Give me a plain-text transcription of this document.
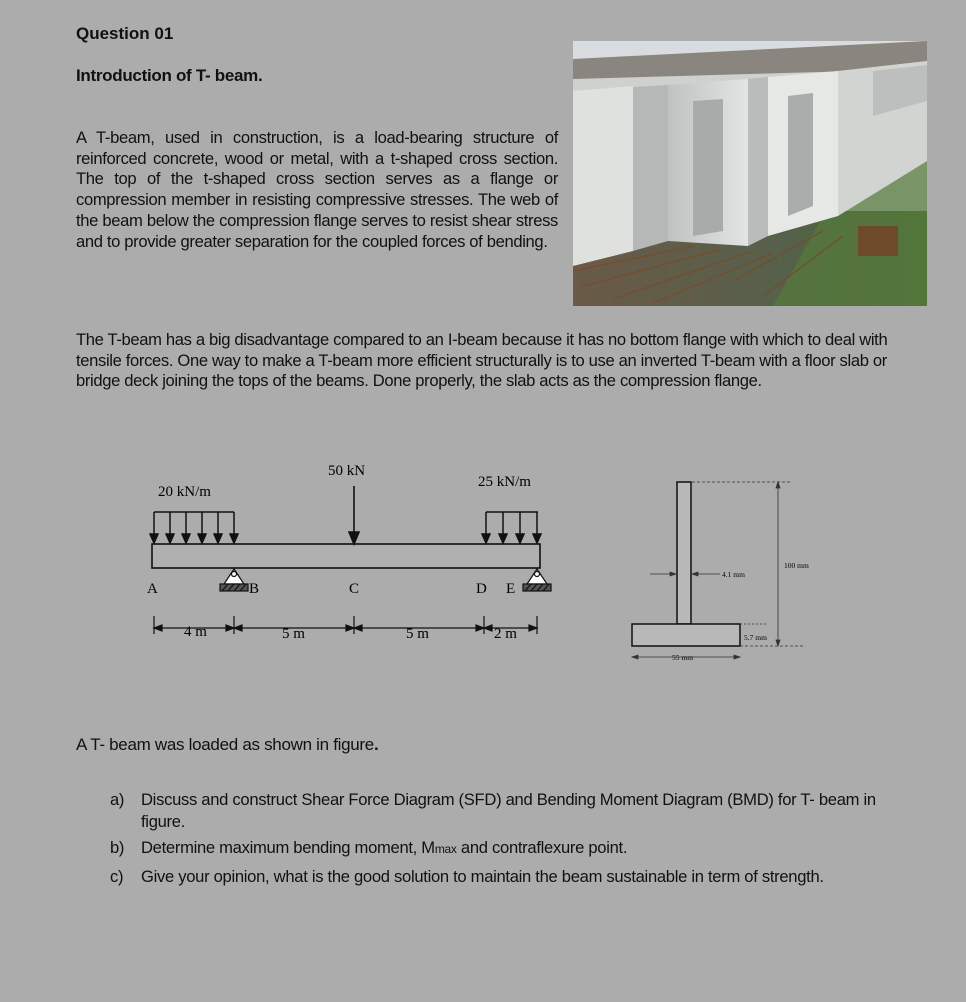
Question 01
Introduction of T- beam.
A T-beam, used in construction, is a load-bearing structure of reinforced concrete, wood or metal, with a t-shaped cross section. The top of the t-shaped cross section serves as a flange or compression member in resisting compressive stresses. The web of the beam below the compression flange serves to resist shear stress and to provide greater separation for the coupled forces of bending.
The T-beam has a big disadvantage compared to an I-beam because it has no bottom flange with which to deal with tensile forces. One way to make a T-beam more efficient structurally is to use an inverted T-beam with a floor slab or bridge deck joining the tops of the beams. Done properly, the slab acts as the compression flange.
20 kN/m
50 kN
25 kN/m
A	B	C	D E
4 m	5 m	5 m	2 m
100 mm
4.1 mm
5.7 mm
55 mm
A T- beam was loaded as shown in figure.
a)	Discuss and construct Shear Force Diagram (SFD) and Bending Moment Diagram (BMD) for T- beam in figure.
b)	Determine maximum bending moment, Mmax and contraflexure point.
c)	Give your opinion, what is the good solution to maintain the beam sustainable in term of strength.
